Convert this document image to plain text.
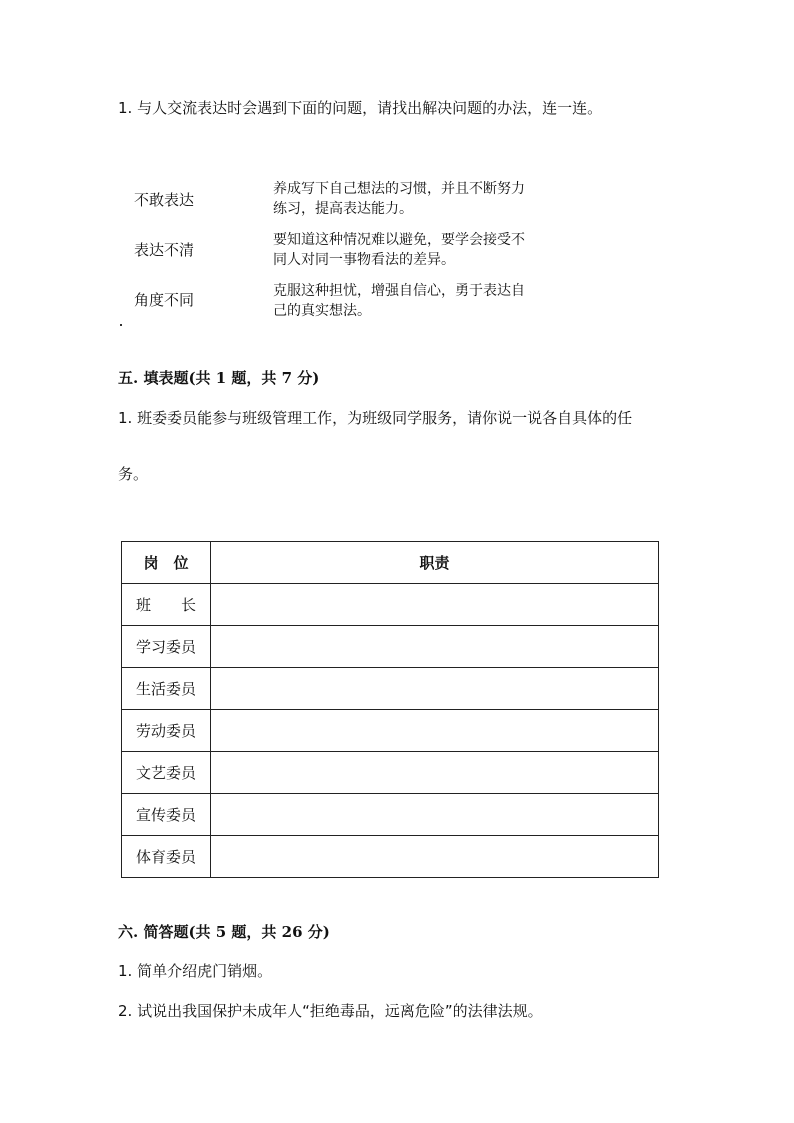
1. 与人交流表达时会遇到下面的问题，请找出解决问题的办法，连一连。
不敢表达
表达不清
角度不同
养成写下自己想法的习惯，并且不断努力
练习，提高表达能力。
要知道这种情况难以避免，要学会接受不
同人对同一事物看法的差异。
克服这种担忧，增强自信心，勇于表达自
己的真实想法。
五. 填表题(共 1 题，共 7 分)
1. 班委委员能参与班级管理工作，为班级同学服务，请你说一说各自具体的任
务。
岗　位	职责
班　　长	
学习委员	
生活委员	
劳动委员	
文艺委员	
宣传委员	
体育委员	
六. 简答题(共 5 题，共 26 分)
1. 简单介绍虎门销烟。
2. 试说出我国保护未成年人“拒绝毒品，远离危险”的法律法规。
